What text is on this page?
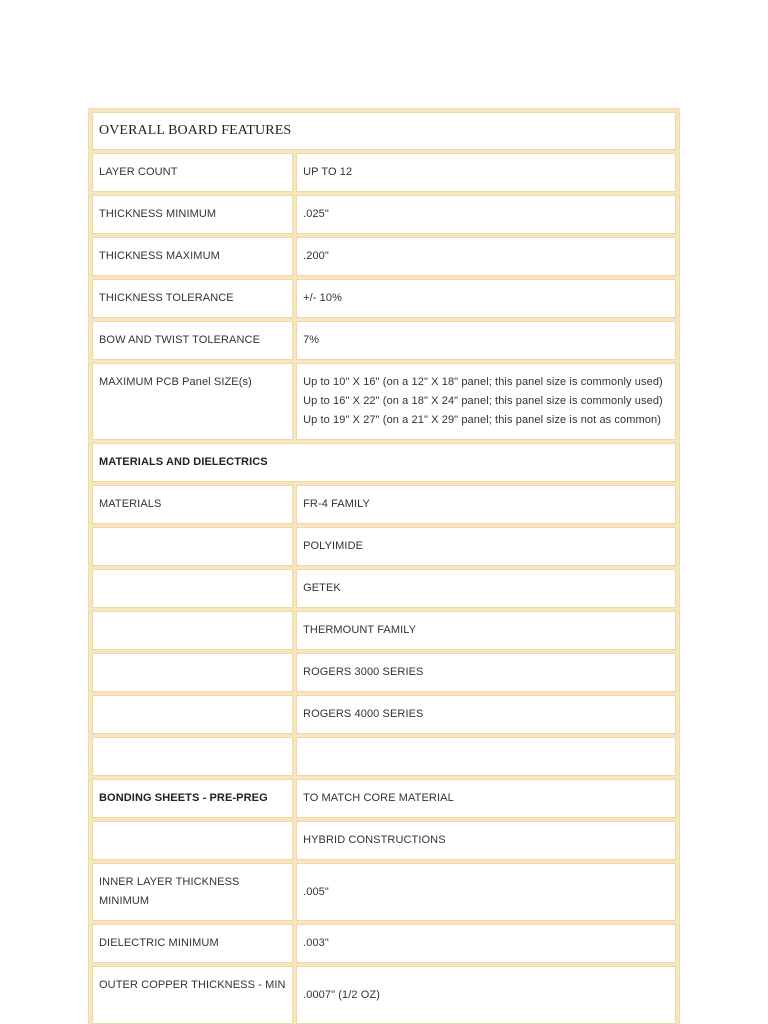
OVERALL BOARD FEATURES	
LAYER COUNT	UP TO 12
THICKNESS MINIMUM	.025"
THICKNESS MAXIMUM	.200"
THICKNESS TOLERANCE	+/- 10%
BOW AND TWIST TOLERANCE	7%
MAXIMUM PCB Panel SIZE(s)	Up to 10" X 16" (on a 12" X 18" panel; this panel size is commonly used)
Up to 16" X 22" (on a 18" X 24" panel; this panel size is commonly used)
Up to 19" X 27" (on a 21" X 29" panel; this panel size is not as common)

MATERIALS AND DIELECTRICS	
MATERIALS	FR-4 FAMILY
	POLYIMIDE
	GETEK
	THERMOUNT FAMILY
	ROGERS 3000 SERIES
	ROGERS 4000 SERIES

BONDING SHEETS - PRE-PREG	TO MATCH CORE MATERIAL
	HYBRID CONSTRUCTIONS
INNER LAYER THICKNESS MINIMUM	.005"
DIELECTRIC MINIMUM	.003"
OUTER COPPER THICKNESS - MIN	.0007" (1/2 OZ)
